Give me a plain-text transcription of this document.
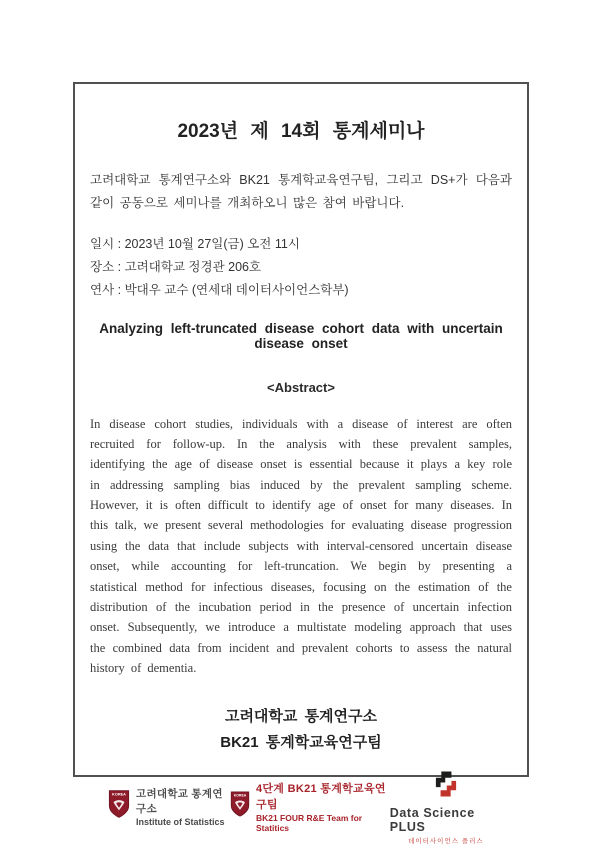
2023년 제 14회 통계세미나

고려대학교 통계연구소와 BK21 통계학교육연구팀, 그리고 DS+가 다음과 같이 공동으로 세미나를 개최하오니 많은 참여 바랍니다.

일시 : 2023년 10월 27일(금) 오전 11시
장소 : 고려대학교 정경관 206호
연사 : 박대우 교수 (연세대 데이터사이언스학부)
Analyzing left-truncated disease cohort data with uncertain disease onset
<Abstract>

In disease cohort studies, individuals with a disease of interest are often recruited for follow-up. In the analysis with these prevalent samples, identifying the age of disease onset is essential because it plays a key role in addressing sampling bias induced by the prevalent sampling scheme. However, it is often difficult to identify age of onset for many diseases. In this talk, we present several methodologies for evaluating disease progression using the data that include subjects with interval-censored uncertain disease onset, while accounting for left-truncation. We begin by presenting a statistical method for infectious diseases, focusing on the estimation of the distribution of the incubation period in the presence of uncertain infection onset. Subsequently, we introduce a multistate modeling approach that uses the combined data from incident and prevalent cohorts to assess the natural history of dementia.

고려대학교 통계연구소
BK21 통계학교육연구팀
KOREA 고려대학교 통계연구소
Institute of Statistics
KOREA
4단계 BK21 통계학교육연구팀
BK21 FOUR R&E Team for Statitics
Data Science PLUS
데이터사이언스 플러스
